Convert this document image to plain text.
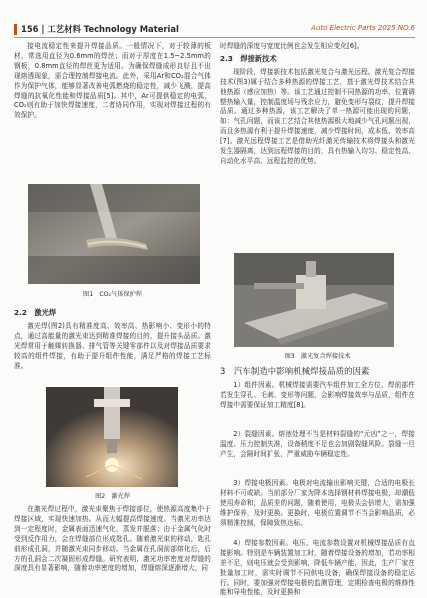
156 | 工艺材料 Technology Material	Auto Electric Parts 2025 NO.6

接电流稳定性来提升焊接品质。一般情况下，对于较薄的板材，常选用直径为0.6mm的焊丝；而对于厚度在1.5~2.5mm的钢板，0.8mm直径的焊丝更为适用。为确保焊缝成形良好且不出现熔透现象，需合理控制焊接电流。此外，采用Ar和CO₂混合气体作为保护气体，能够显著改善电弧燃烧的稳定性，减少飞溅，提高焊缝的抗氧化性能和焊接品质[5]。其中，Ar可提供稳定的电弧，CO₂则有助于加快焊接速度，二者协同作用，实现对焊接过程的有效保护。

图1　CO₂气体保护焊
2.2　激光焊

激光焊(图2)具有精准度高、效率高、热影响小、变形小的特点，通过高能量的激光束达到精准焊接的目的，提升接头品质。激光焊常用于触媒转换器、排气管等关键零部件以及对焊接品质要求较高的组件焊接，有助于提升组件性能，满足严格的焊接工艺标准。

图2　激光焊

在激光焊过程中，激光束聚焦于焊接部位，使热源高度集中于焊接区域，实现快速加热。从而大幅提高焊接速度。当激光功率达到一定程度时，金属表面迅速气化，蒸发并脱落；由于金属气化时受到反作用力，会在焊缝部位形成匙孔。随着激光束的移动，匙孔前形成孔洞，并随激光束同步移动。当金属在孔洞前部熔化后，后方的孔洞会二次凝固形成焊缝。研究表明，激光功率密度对焊缝的深度具有显著影响，随着功率密度的增加，焊缝熔深逐渐增大，同

时焊缝的深度与宽度比例也会发生相应变化[6]。

2.3　焊接新技术

现阶段，焊接新技术包括激光复合与激光远程。激光复合焊接技术(图3)属于结合多种热源的焊接工艺，基于激光焊技术结合其他热源（感应加热）等。该工艺通过控制不同热源的功率、位置调整热输入量，控制温度场与残余应力，避免变形与裂纹，提升焊接品质。通过多种热源，该工艺解决了单一热源可能出现的问题，如：气孔问题，而该工艺结合其他热源极大地减少气孔问题出现，而且多热源有利于提升焊接速度，减少焊接时间，成本低、效率高[7]。激光远程焊接工艺是借助光纤激光传输技术将焊接头和激光发生器隔离，达到远程焊接的目的，具有热输入均匀、稳定性高、自动化水平高、远程监控的优势。

图3　激光复合焊接技术
3　汽车制造中影响机械焊接品质的因素

1）组件因素。机械焊接需要汽车组件加工全方位，焊前部件若发生穿孔、毛刺、变形等问题，会影响焊接效率与品质，组件在焊接中需要保证加工精度[8]。

2）裂缝因素。熔池处理不当是材料裂缝的“元凶”之一，焊接温度、压力控制失准，设备稍度不足也会加剧裂缝风险。裂缝一旦产生，会隔时间扩张，严重威胁车辆稳定性。

3）焊接电极因素。电极对电流输出影响关键，合适的电极长材料不可或缺。当前部分厂家为降本选择钢材料焊接电极，却潮低使用寿命和，品质差的问题，随着使用，电极头会倍增大，需加强维护保养，及时更换。更换时，电极位置调节不当会影响品质，必须精准控制，保障致热达标。

4）焊接参数因素。电压、电流参数设置对机械焊接品质有直接影响。特别是车辆装置加工时，随着焊接设备的增加，若功率相差不足，则电压就会受到影响，降低车辆产能，因此，生产厂家在批量加工时，需实时调节不同供电设备，确保焊接设备的稳定运行。同时，要加强对焊接电极的监测管理，定期检查电极的维修性能和导电性能，及时更换和
